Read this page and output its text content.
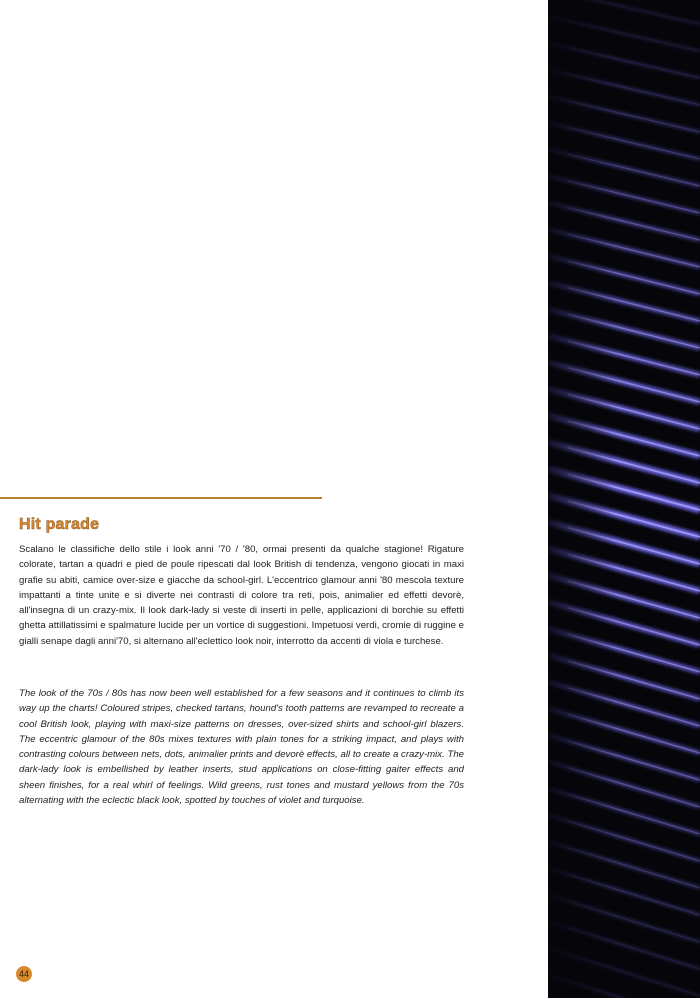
Hit parade

Scalano le classifiche dello stile i look anni '70 / '80, ormai presenti da qualche stagione! Rigature colorate, tartan a quadri e pied de poule ripescati dal look British di tendenza, vengono giocati in maxi grafie su abiti, camice over-size e giacche da school-girl. L'eccentrico glamour anni '80 mescola texture impattanti a tinte unite e si diverte nei contrasti di colore tra reti, pois, animalier ed effetti devorè, all'insegna di un crazy-mix. Il look dark-lady si veste di inserti in pelle, applicazioni di borchie su effetti ghetta attillatissimi e spalmature lucide per un vortice di suggestioni. Impetuosi verdi, cromie di ruggine e gialli senape dagli anni'70, si alternano all'eclettico look noir, interrotto da accenti di viola e turchese.

The look of the 70s / 80s has now been well established for a few seasons and it continues to climb its way up the charts! Coloured stripes, checked tartans, hound's tooth patterns are revamped to recreate a cool British look, playing with maxi-size patterns on dresses, over-sized shirts and school-girl blazers. The eccentric glamour of the 80s mixes textures with plain tones for a striking impact, and plays with contrasting colours between nets, dots, animalier prints and devorè effects, all to create a crazy-mix. The dark-lady look is embellished by leather inserts, stud applications on close-fitting gaiter effects and sheen finishes, for a real whirl of feelings. Wild greens, rust tones and mustard yellows from the 70s alternating with the eclectic black look, spotted by touches of violet and turquoise.

44
